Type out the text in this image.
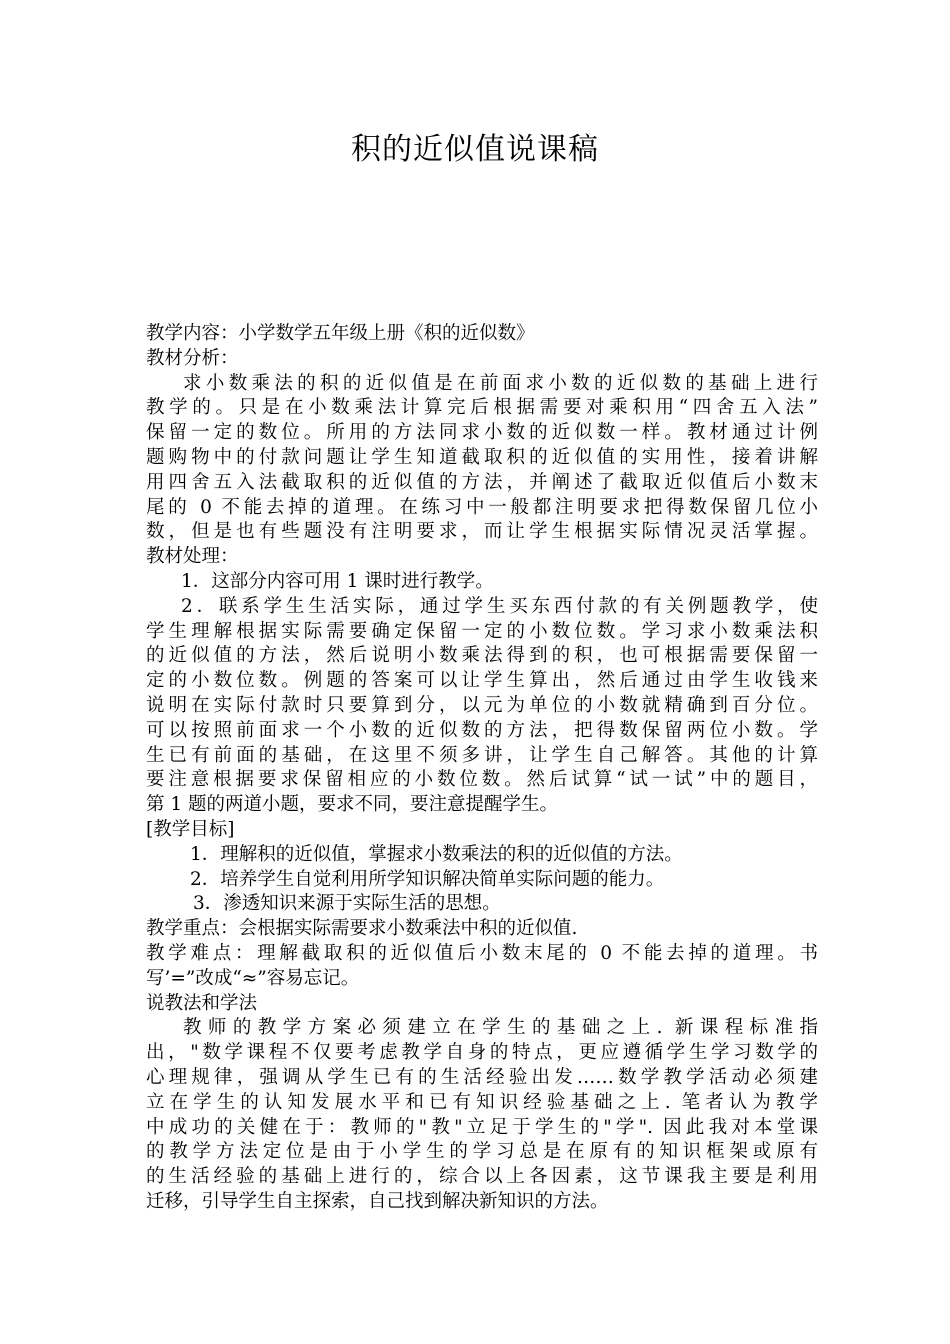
积的近似值说课稿
教学内容：小学数学五年级上册《积的近似数》
教材分析：
求小数乘法的积的近似值是在前面求小数的近似数的基础上进行
教学的。只是在小数乘法计算完后根据需要对乘积用“四舍五入法”
保留一定的数位。所用的方法同求小数的近似数一样。教材通过计例
题购物中的付款问题让学生知道截取积的近似值的实用性，接着讲解
用四舍五入法截取积的近似值的方法，并阐述了截取近似值后小数末
尾的 0 不能去掉的道理。在练习中一般都注明要求把得数保留几位小
数，但是也有些题没有注明要求，而让学生根据实际情况灵活掌握。
教材处理：
1．这部分内容可用 1 课时进行教学。
2．联系学生生活实际，通过学生买东西付款的有关例题教学，使
学生理解根据实际需要确定保留一定的小数位数。学习求小数乘法积
的近似值的方法，然后说明小数乘法得到的积，也可根据需要保留一
定的小数位数。例题的答案可以让学生算出，然后通过由学生收钱来
说明在实际付款时只要算到分，以元为单位的小数就精确到百分位。
可以按照前面求一个小数的近似数的方法，把得数保留两位小数。学
生已有前面的基础，在这里不须多讲，让学生自己解答。其他的计算
要注意根据要求保留相应的小数位数。然后试算“试一试”中的题目，
第 1 题的两道小题，要求不同，要注意提醒学生。
[教学目标]
1．理解积的近似值，掌握求小数乘法的积的近似值的方法。
2．培养学生自觉利用所学知识解决简单实际问题的能力。
3．渗透知识来源于实际生活的思想。
教学重点：会根据实际需要求小数乘法中积的近似值.
教学难点：理解截取积的近似值后小数末尾的 0 不能去掉的道理。书
写’=”改成“≈”容易忘记。
说教法和学法
教师的教学方案必须建立在学生的基础之上. 新课程标准指
出，"数学课程不仅要考虑教学自身的特点，更应遵循学生学习数学的
心理规律，强调从学生已有的生活经验出发……数学教学活动必须建
立在学生的认知发展水平和已有知识经验基础之上. 笔者认为教学
中成功的关健在于：教师的"教"立足于学生的"学". 因此我对本堂课
的教学方法定位是由于小学生的学习总是在原有的知识框架或原有
的生活经验的基础上进行的，综合以上各因素，这节课我主要是利用
迁移，引导学生自主探索，自己找到解决新知识的方法。
